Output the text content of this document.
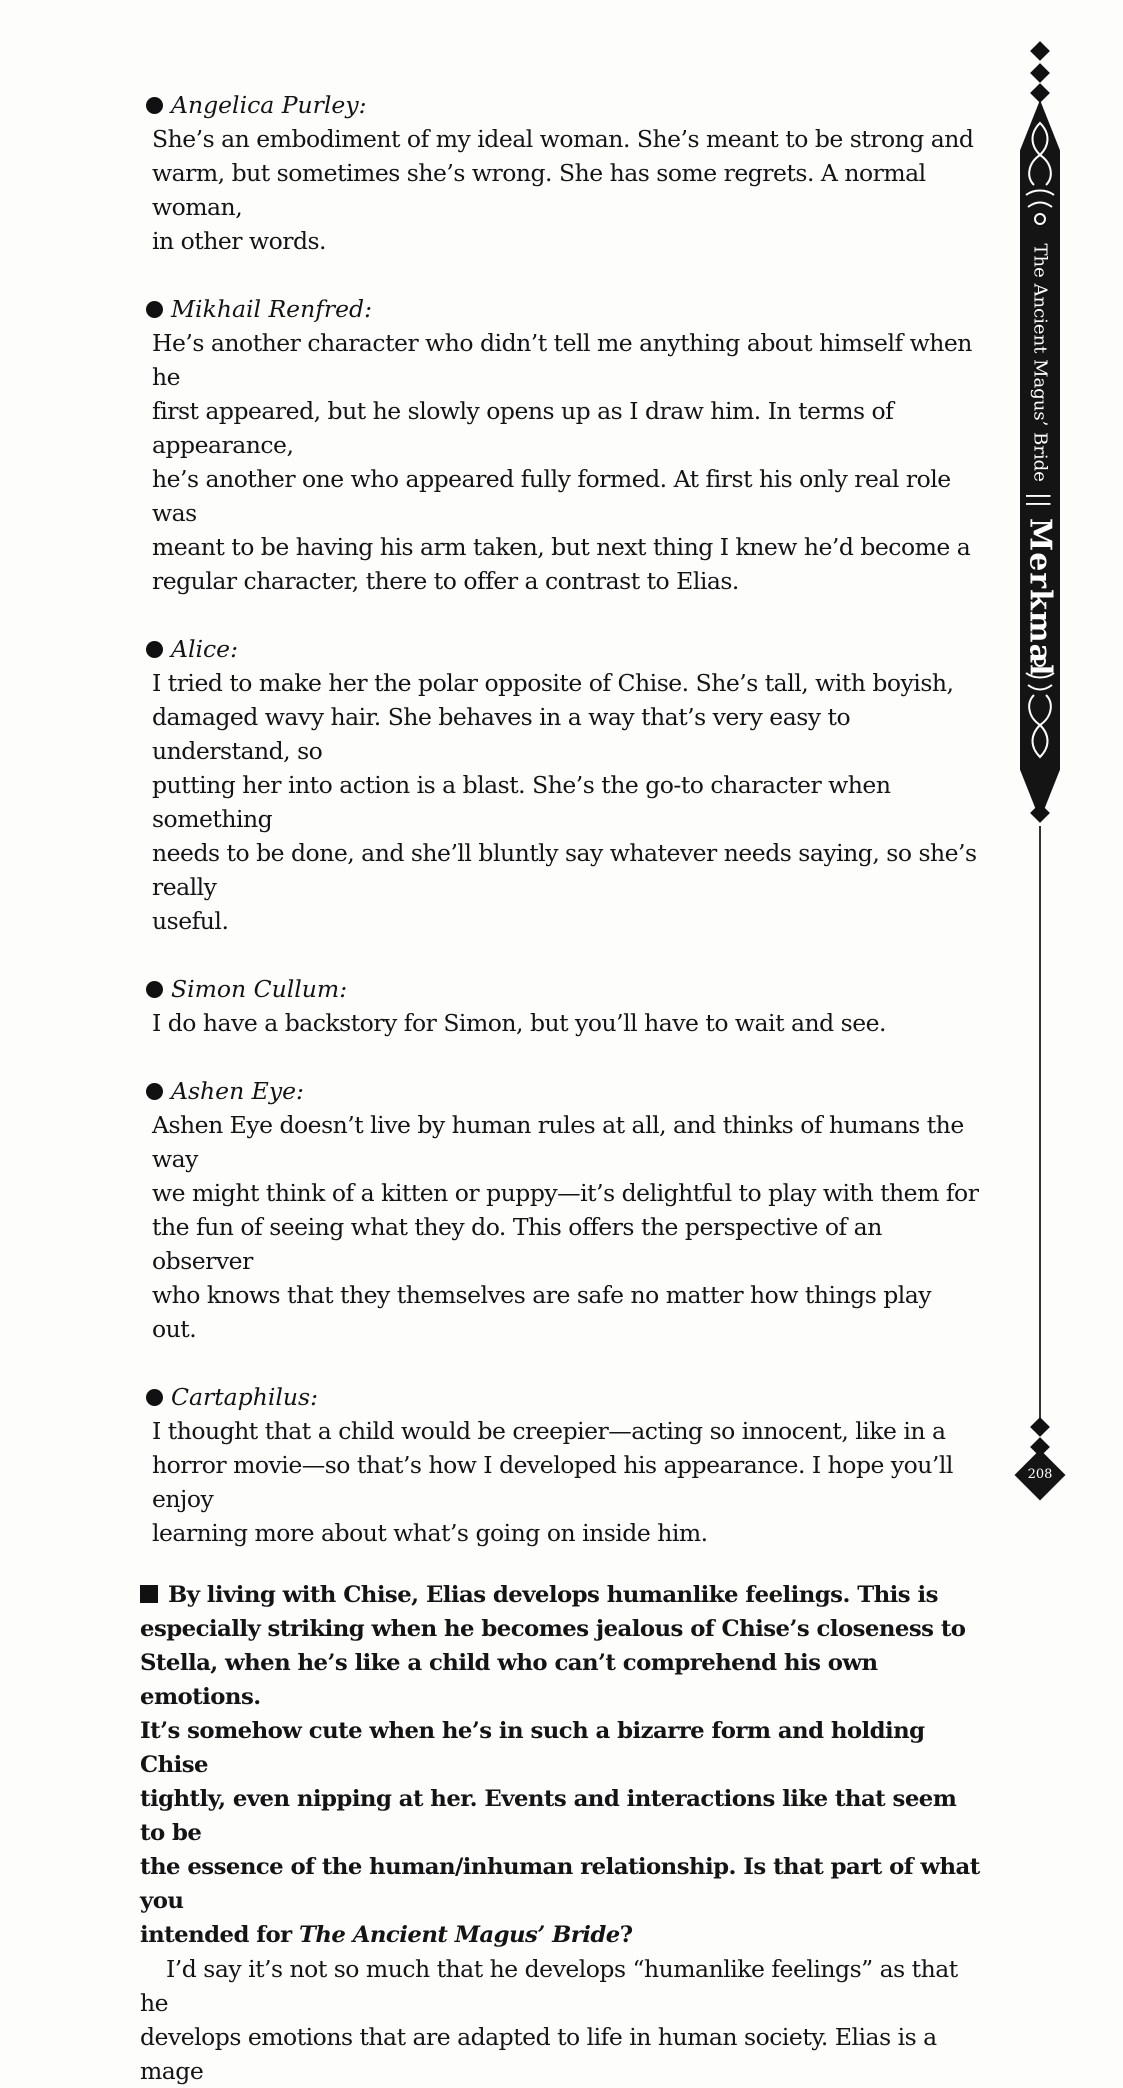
Angelica Purley:
She’s an embodiment of my ideal woman. She’s meant to be strong and
warm, but sometimes she’s wrong. She has some regrets. A normal woman,
in other words.
Mikhail Renfred:
He’s another character who didn’t tell me anything about himself when he
first appeared, but he slowly opens up as I draw him. In terms of appearance,
he’s another one who appeared fully formed. At first his only real role was
meant to be having his arm taken, but next thing I knew he’d become a
regular character, there to offer a contrast to Elias.
Alice:
I tried to make her the polar opposite of Chise. She’s tall, with boyish,
damaged wavy hair. She behaves in a way that’s very easy to understand, so
putting her into action is a blast. She’s the go-to character when something
needs to be done, and she’ll bluntly say whatever needs saying, so she’s really
useful.
Simon Cullum:
I do have a backstory for Simon, but you’ll have to wait and see.
Ashen Eye:
Ashen Eye doesn’t live by human rules at all, and thinks of humans the way
we might think of a kitten or puppy—it’s delightful to play with them for
the fun of seeing what they do. This offers the perspective of an observer
who knows that they themselves are safe no matter how things play out.
Cartaphilus:
I thought that a child would be creepier—acting so innocent, like in a
horror movie—so that’s how I developed his appearance. I hope you’ll enjoy
learning more about what’s going on inside him.
By living with Chise, Elias develops humanlike feelings. This is
especially striking when he becomes jealous of Chise’s closeness to
Stella, when he’s like a child who can’t comprehend his own emotions.
It’s somehow cute when he’s in such a bizarre form and holding Chise
tightly, even nipping at her. Events and interactions like that seem to be
the essence of the human/inhuman relationship. Is that part of what you
intended for The Ancient Magus’ Bride?
I’d say it’s not so much that he develops “humanlike feelings” as that he
develops emotions that are adapted to life in human society. Elias is a mage
The Ancient Magus’ Bride
||
Merkmal
208
